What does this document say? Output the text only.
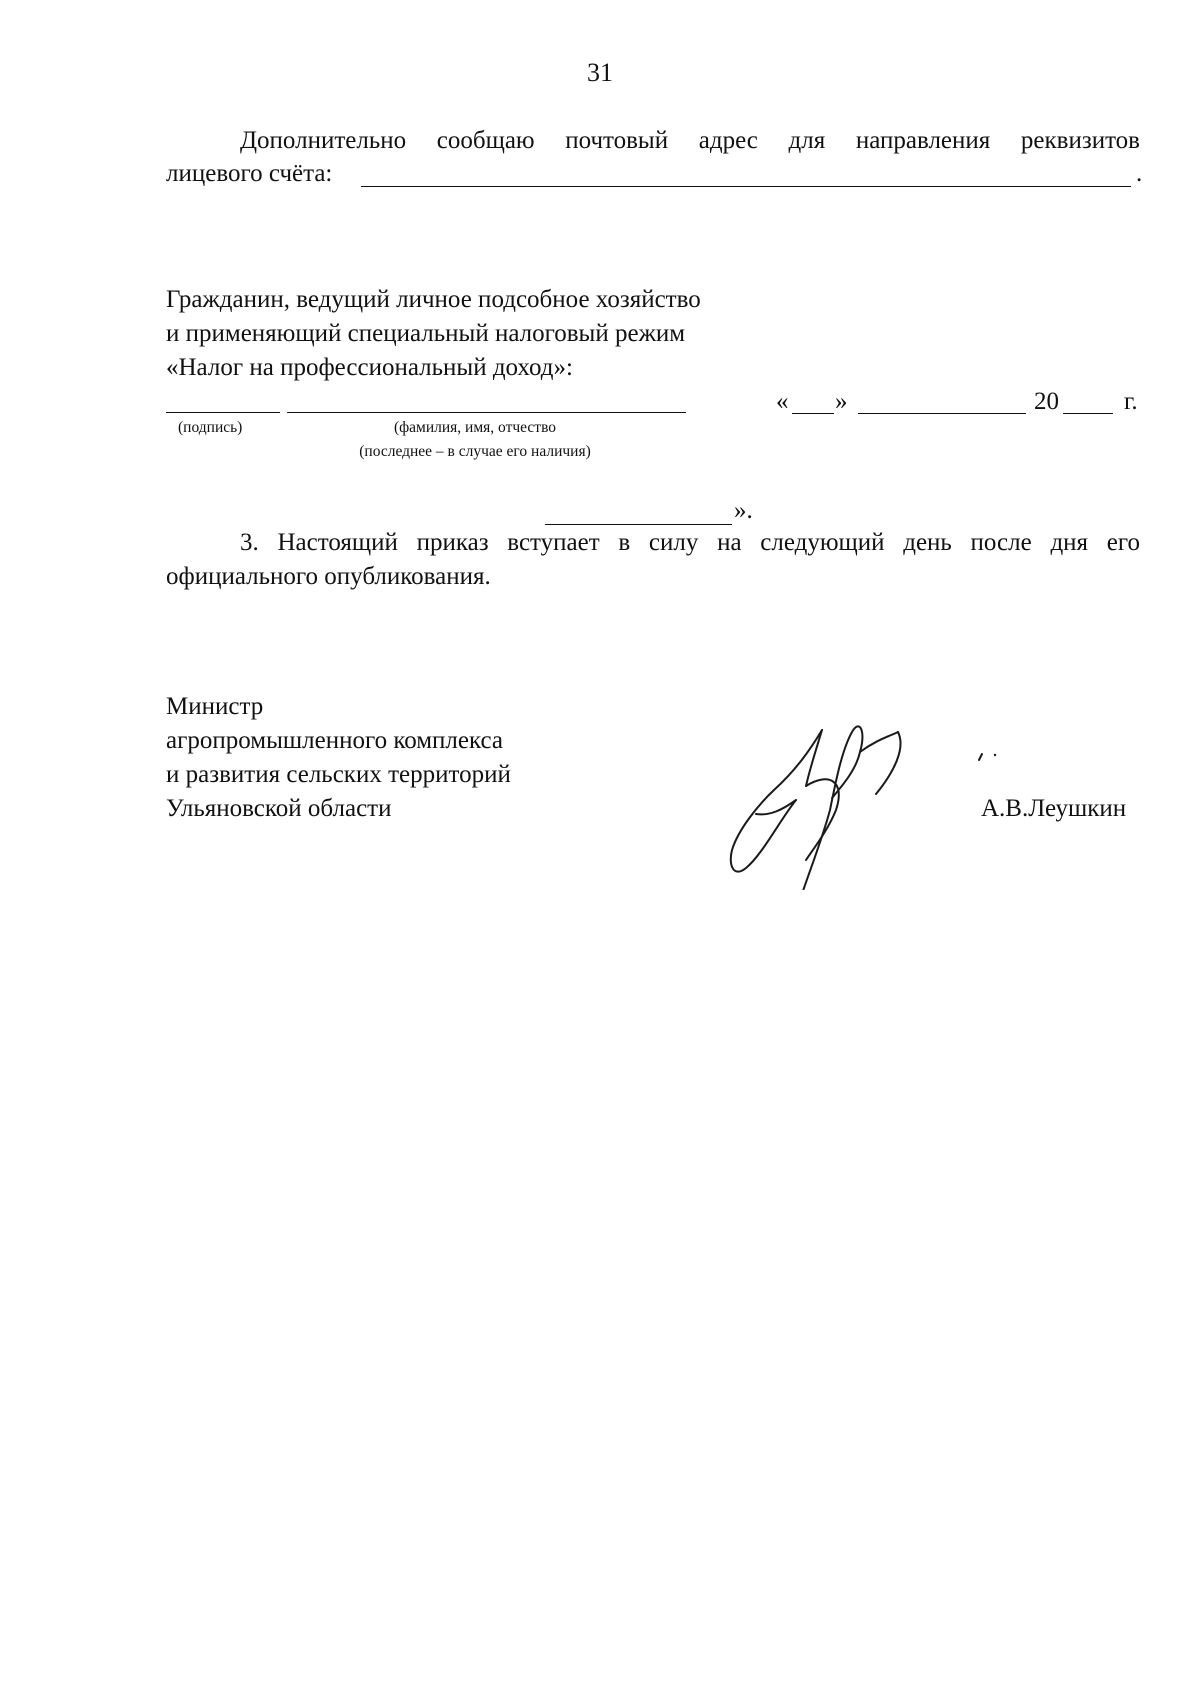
31
Дополнительно сообщаю почтовый адрес для направления реквизитов
лицевого счёта:	.
Гражданин, ведущий личное подсобное хозяйство
и применяющий специальный налоговый режим
«Налог на профессиональный доход»:
(подпись)	(фамилия, имя, отчество
(последнее – в случае его наличия)
« »	20	г.
».
3. Настоящий приказ вступает в силу на следующий день после дня его
официального опубликования.
Министр
агропромышленного комплекса
и развития сельских территорий
Ульяновской области	А.В.Леушкин
